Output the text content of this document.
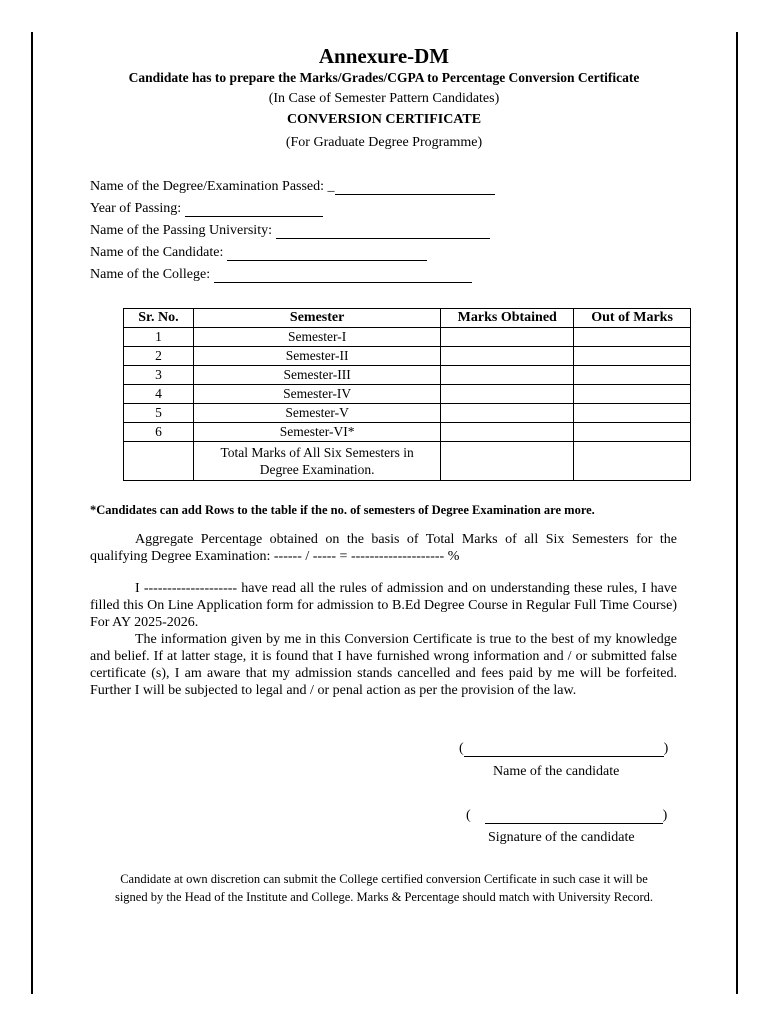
Annexure-DM
Candidate has to prepare the Marks/Grades/CGPA to Percentage Conversion Certificate
(In Case of Semester Pattern Candidates)
CONVERSION CERTIFICATE
(For Graduate Degree Programme)
Name of the Degree/Examination Passed: _
Year of Passing:
Name of the Passing University:
Name of the Candidate:
Name of the College:
Sr. No.	Semester	Marks Obtained	Out of Marks
1	Semester-I		
2	Semester-II		
3	Semester-III		
4	Semester-IV		
5	Semester-V		
6	Semester-VI*		
	Total Marks of All Six Semesters in
Degree Examination.		
*Candidates can add Rows to the table if the no. of semesters of Degree Examination are more.

Aggregate Percentage obtained on the basis of Total Marks of all Six Semesters for the qualifying Degree Examination: ------ / ----- = -------------------- %

I -------------------- have read all the rules of admission and on understanding these rules, I have filled this On Line Application form for admission to B.Ed Degree Course in Regular Full Time Course) For AY 2025-2026.

The information given by me in this Conversion Certificate is true to the best of my knowledge and belief. If at latter stage, it is found that I have furnished wrong information and / or submitted false certificate (s), I am aware that my admission stands cancelled and fees paid by me will be forfeited. Further I will be subjected to legal and / or penal action as per the provision of the law.

(	)
Name of the candidate
(	)
Signature of the candidate
Candidate at own discretion can submit the College certified conversion Certificate in such case it will be
signed by the Head of the Institute and College. Marks & Percentage should match with University Record.
